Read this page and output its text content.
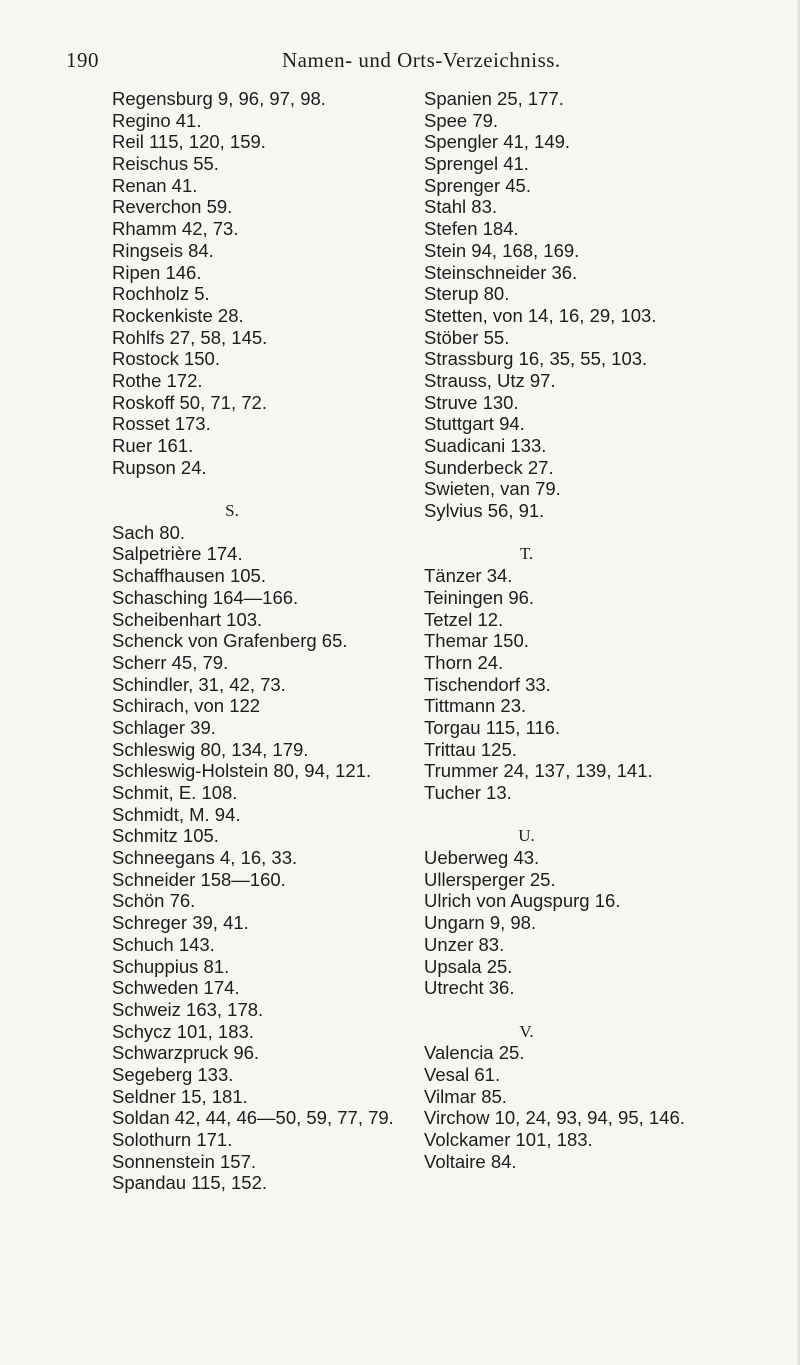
190	Namen- und Orts-Verzeichniss.
Regensburg 9, 96, 97, 98.
Regino 41.
Reil 115, 120, 159.
Reischus 55.
Renan 41.
Reverchon 59.
Rhamm 42, 73.
Ringseis 84.
Ripen 146.
Rochholz 5.
Rockenkiste 28.
Rohlfs 27, 58, 145.
Rostock 150.
Rothe 172.
Roskoff 50, 71, 72.
Rosset 173.
Ruer 161.
Rupson 24.
S.
Sach 80.
Salpetrière 174.
Schaffhausen 105.
Schasching 164—166.
Scheibenhart 103.
Schenck von Grafenberg 65.
Scherr 45, 79.
Schindler, 31, 42, 73.
Schirach, von 122
Schlager 39.
Schleswig 80, 134, 179.
Schleswig-Holstein 80, 94, 121.
Schmit, E. 108.
Schmidt, M. 94.
Schmitz 105.
Schneegans 4, 16, 33.
Schneider 158—160.
Schön 76.
Schreger 39, 41.
Schuch 143.
Schuppius 81.
Schweden 174.
Schweiz 163, 178.
Schycz 101, 183.
Schwarzpruck 96.
Segeberg 133.
Seldner 15, 181.
Soldan 42, 44, 46—50, 59, 77, 79.
Solothurn 171.
Sonnenstein 157.
Spandau 115, 152.
Spanien 25, 177.
Spee 79.
Spengler 41, 149.
Sprengel 41.
Sprenger 45.
Stahl 83.
Stefen 184.
Stein 94, 168, 169.
Steinschneider 36.
Sterup 80.
Stetten, von 14, 16, 29, 103.
Stöber 55.
Strassburg 16, 35, 55, 103.
Strauss, Utz 97.
Struve 130.
Stuttgart 94.
Suadicani 133.
Sunderbeck 27.
Swieten, van 79.
Sylvius 56, 91.
T.
Tänzer 34.
Teiningen 96.
Tetzel 12.
Themar 150.
Thorn 24.
Tischendorf 33.
Tittmann 23.
Torgau 115, 116.
Trittau 125.
Trummer 24, 137, 139, 141.
Tucher 13.
U.
Ueberweg 43.
Ullersperger 25.
Ulrich von Augspurg 16.
Ungarn 9, 98.
Unzer 83.
Upsala 25.
Utrecht 36.
V.
Valencia 25.
Vesal 61.
Vilmar 85.
Virchow 10, 24, 93, 94, 95, 146.
Volckamer 101, 183.
Voltaire 84.
